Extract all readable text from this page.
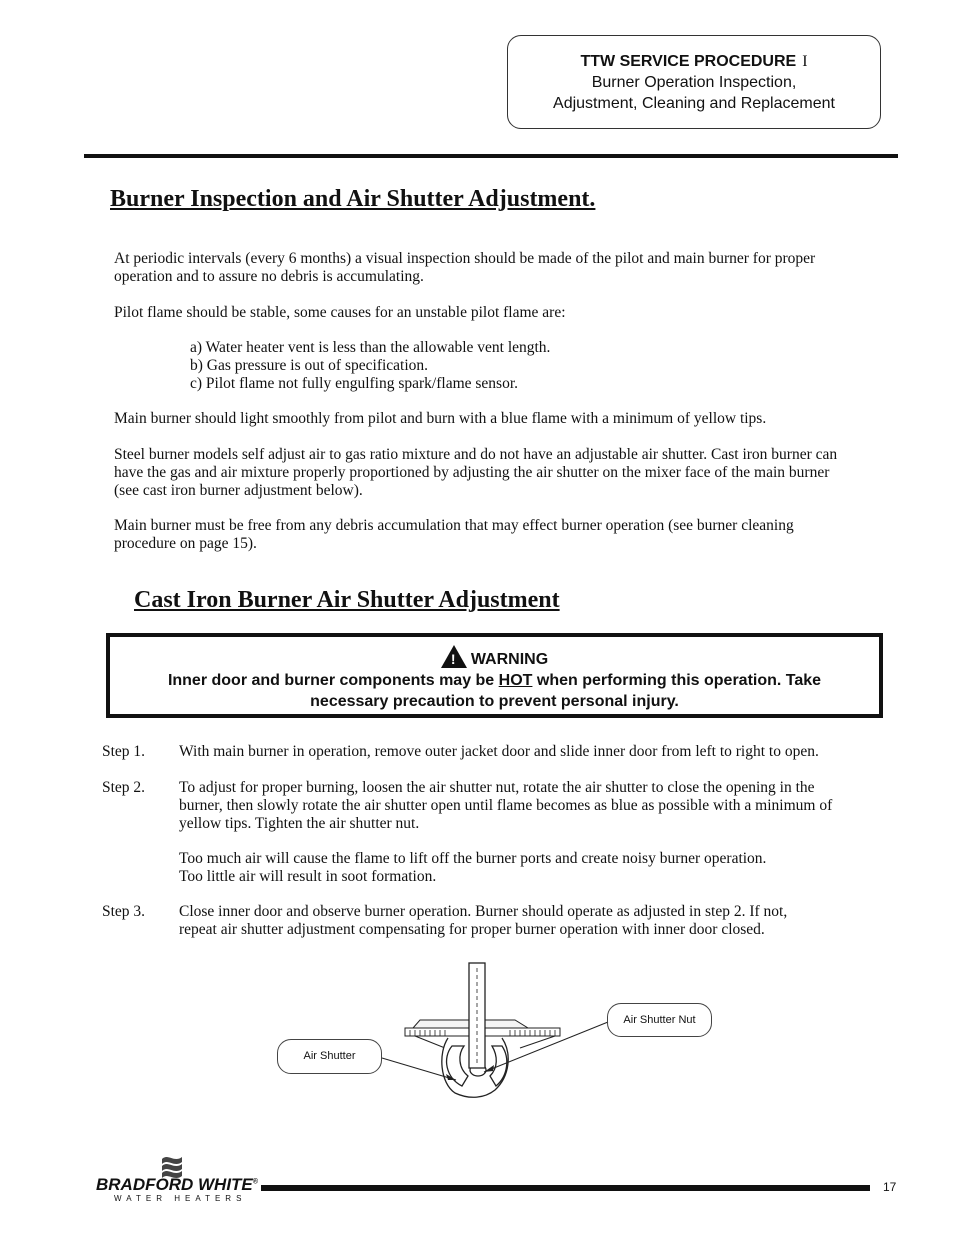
TTW SERVICE PROCEDURE I
Burner Operation Inspection,
Adjustment, Cleaning and Replacement
Burner Inspection and Air Shutter Adjustment.

At periodic intervals (every 6 months) a visual inspection should be made of the pilot and main burner for proper

operation and to assure no debris is accumulating.

Pilot flame should be stable, some causes for an unstable pilot flame are:

a) Water heater vent is less than the allowable vent length.

b) Gas pressure is out of specification.

c) Pilot flame not fully engulfing spark/flame sensor.

Main burner should light smoothly from pilot and burn with a blue flame with a minimum of yellow tips.

Steel burner models self adjust air to gas ratio mixture and do not have an adjustable air shutter. Cast iron burner can

have the gas and air mixture properly proportioned by adjusting the air shutter on the mixer face of the main burner

(see cast iron burner adjustment below).

Main burner must be free from any debris accumulation that may effect burner operation (see burner cleaning

procedure on page 15).

Cast Iron Burner Air Shutter Adjustment
!WARNING
Inner door and burner components may be HOT when performing this operation. Take
necessary precaution to prevent personal injury.
Step 1. With main burner in operation, remove outer jacket door and slide inner door from left to right to open.

Step 2. To adjust for proper burning, loosen the air shutter nut, rotate the air shutter to close the opening in the

burner, then slowly rotate the air shutter open until flame becomes as blue as possible with a minimum of

yellow tips. Tighten the air shutter nut.

Too much air will cause the flame to lift off the burner ports and create noisy burner operation.

Too little air will result in soot formation.

Step 3. Close inner door and observe burner operation. Burner should operate as adjusted in step 2. If not,

repeat air shutter adjustment compensating for proper burner operation with inner door closed.

Air Shutter
Air Shutter Nut
BRADFORD WHITE®
WATER HEATERS
17
